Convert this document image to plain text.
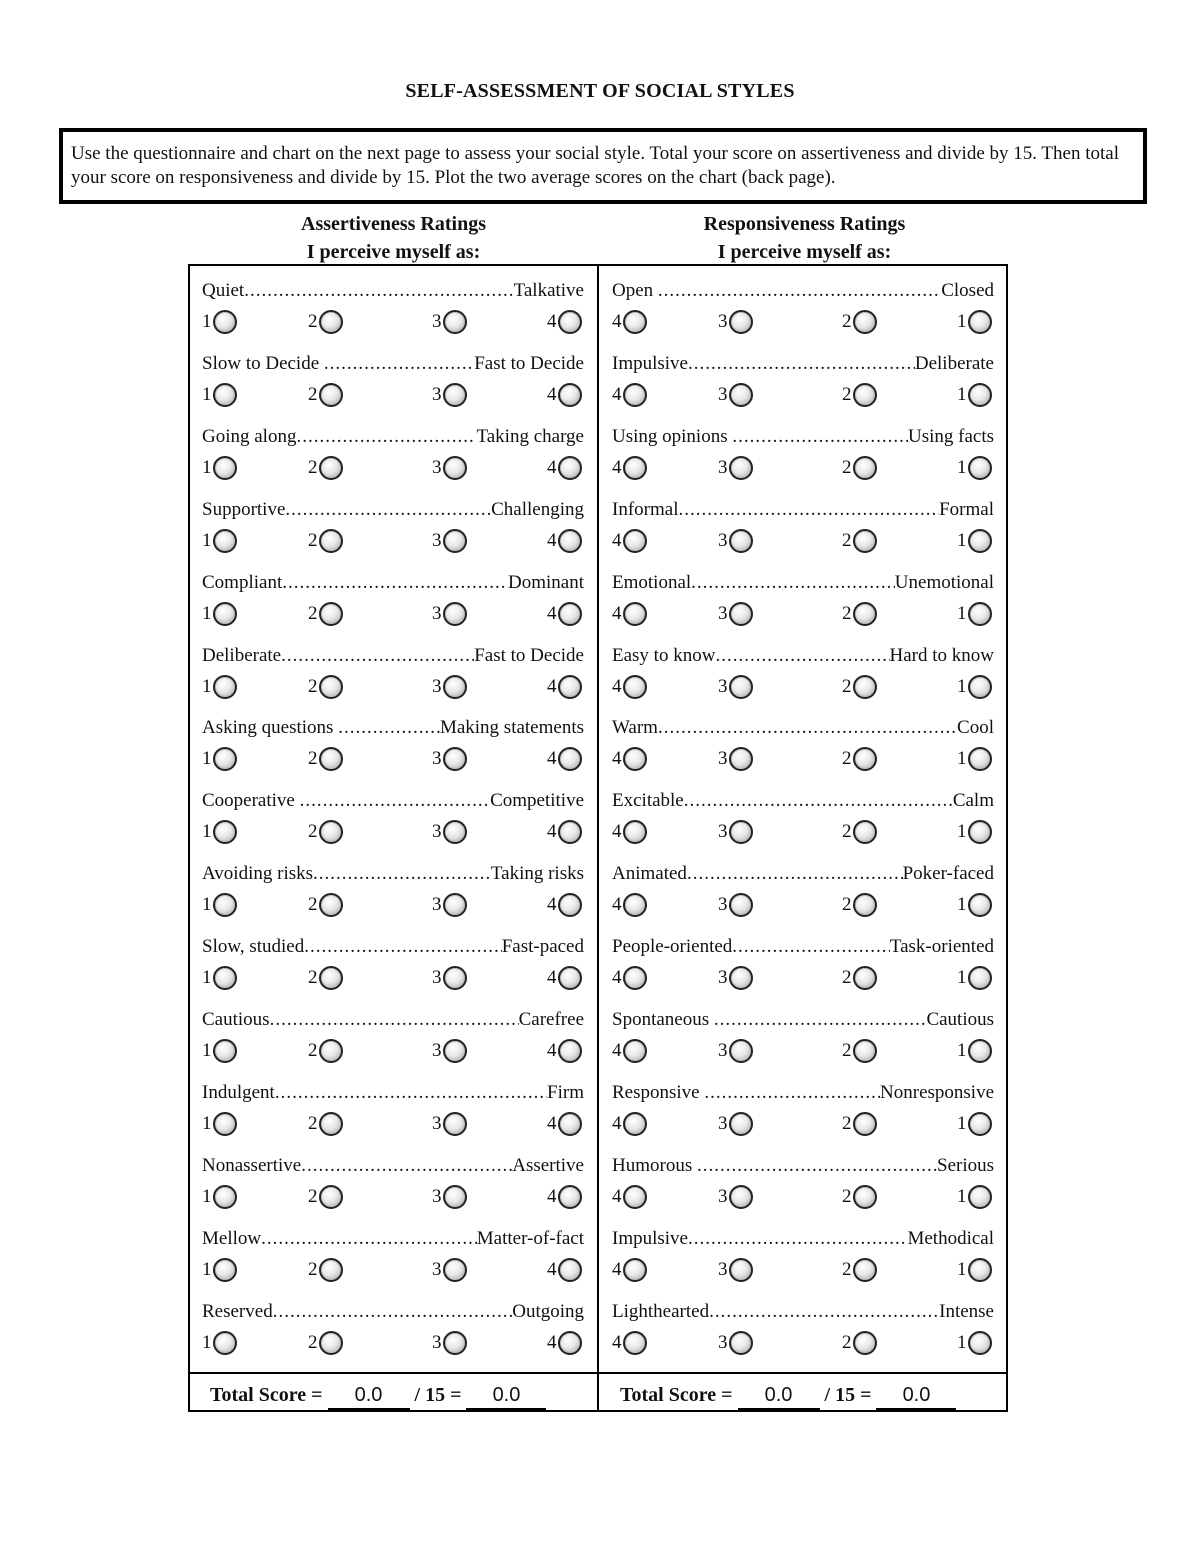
SELF-ASSESSMENT OF SOCIAL STYLES
Use the questionnaire and chart on the next page to assess your social style. Total your score on assertiveness and divide by 15. Then total your score on responsiveness and divide by 15. Plot the two average scores on the chart (back page).
Assertiveness Ratings
I perceive myself as:
Responsiveness Ratings
I perceive myself as:
Quiet .....	Talkative
1	2	3	4
Slow to Decide .....	Fast to Decide
1	2	3	4
Going along .....	Taking charge
1	2	3	4
Supportive .....	Challenging
1	2	3	4
Compliant .....	Dominant
1	2	3	4
Deliberate .....	Fast to Decide
1	2	3	4
Asking questions .....	Making statements
1	2	3	4
Cooperative .....	Competitive
1	2	3	4
Avoiding risks .....	Taking risks
1	2	3	4
Slow, studied .....	Fast-paced
1	2	3	4
Cautious .....	Carefree
1	2	3	4
Indulgent .....	Firm
1	2	3	4
Nonassertive .....	Assertive
1	2	3	4
Mellow .....	Matter-of-fact
1	2	3	4
Reserved .....	Outgoing
1	2	3	4
Open .....	Closed
4	3	2	1
Impulsive .....	Deliberate
4	3	2	1
Using opinions .....	Using facts
4	3	2	1
Informal .....	Formal
4	3	2	1
Emotional .....	Unemotional
4	3	2	1
Easy to know .....	Hard to know
4	3	2	1
Warm .....	Cool
4	3	2	1
Excitable .....	Calm
4	3	2	1
Animated .....	Poker-faced
4	3	2	1
People-oriented .....	Task-oriented
4	3	2	1
Spontaneous .....	Cautious
4	3	2	1
Responsive .....	Nonresponsive
4	3	2	1
Humorous .....	Serious
4	3	2	1
Impulsive .....	Methodical
4	3	2	1
Lighthearted .....	Intense
4	3	2	1
Total Score = 0.0 / 15 = 0.0	Total Score = 0.0 / 15 = 0.0
